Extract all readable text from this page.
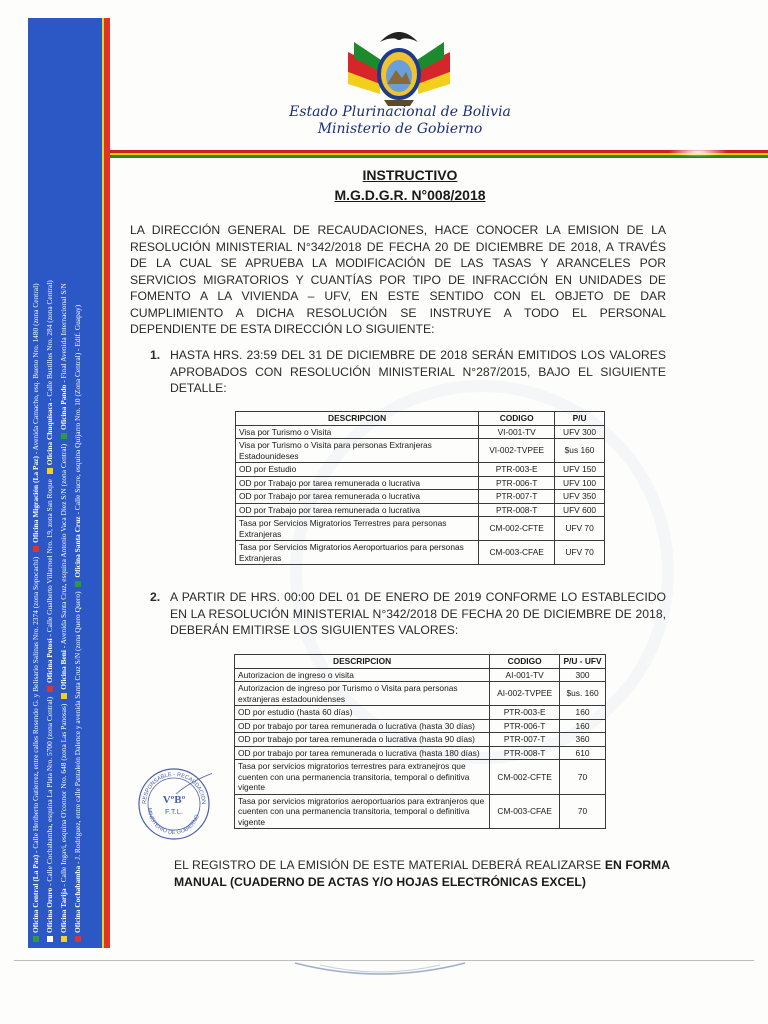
Oficina Central (La Paz) - Calle Heriberto Gutierrez, entre calles Rosendo G. y Belisario Salinas Nro. 2374 (zona Sopocachi) Oficina Migración (La Paz) - Avenida Camacho, esq. Bueno Nro. 1480 (zona Central)
Oficina Oruro - Calle Cochabamba, esquina La Plata Nro. 5700 (zona Central) Oficina Potosí - Calle Gualberto Villarroel Nro. 19, zona San Roque Oficina Chuquisaca - Calle Bustillos Nro. 284 (zona Central)
Oficina Tarija - Calle Ingavi, esquina O'connor Nro. 648 (zona Las Panosas) Oficina Beni - Avenida Santa Cruz, esquina Antonio Vaca Diez S/N (zona Central) Oficina Pando - Final Avenida Internacional S/N
Oficina Cochabamba - J. Rodriguez, entre calle Pantaleón Dalence y avenida Santa Cruz S/N (zona Quero Quero) Oficina Santa Cruz - Calle Sucre, esquina Quijarro Nro. 10 (Zona Central) - Edif. Guapay)
Estado Plurinacional de Bolivia
Ministerio de Gobierno
INSTRUCTIVO
M.G.D.G.R. N°008/2018
LA DIRECCIÓN GENERAL DE RECAUDACIONES, HACE CONOCER LA EMISION DE LA RESOLUCIÓN MINISTERIAL N°342/2018 DE FECHA 20 DE DICIEMBRE DE 2018, A TRAVÉS DE LA CUAL SE APRUEBA LA MODIFICACIÓN DE LAS TASAS Y ARANCELES POR SERVICIOS MIGRATORIOS Y CUANTÍAS POR TIPO DE INFRACCIÓN EN UNIDADES DE FOMENTO A LA VIVIENDA – UFV, EN ESTE SENTIDO CON EL OBJETO DE DAR CUMPLIMIENTO A DICHA RESOLUCIÓN SE INSTRUYE A TODO EL PERSONAL DEPENDIENTE DE ESTA DIRECCIÓN LO SIGUIENTE:
1. HASTA HRS. 23:59 DEL 31 DE DICIEMBRE DE 2018 SERÁN EMITIDOS LOS VALORES APROBADOS CON RESOLUCIÓN MINISTERIAL N°287/2015, BAJO EL SIGUIENTE DETALLE:
DESCRIPCION	CODIGO	P/U
Visa por Turismo o Visita	VI-001-TV	UFV 300
Visa por Turismo o Visita para personas Extranjeras Estadounideses	VI-002-TVPEE	$us 160
OD por Estudio	PTR-003-E	UFV 150
OD por Trabajo por tarea remunerada o lucrativa	PTR-006-T	UFV 100
OD por Trabajo por tarea remunerada o lucrativa	PTR-007-T	UFV 350
OD por Trabajo por tarea remunerada o lucrativa	PTR-008-T	UFV 600
Tasa por Servicios Migratorios Terrestres para personas Extranjeras	CM-002-CFTE	UFV 70
Tasa por Servicios Migratorios Aeroportuarios para personas Extranjeras	CM-003-CFAE	UFV 70
2. A PARTIR DE HRS. 00:00 DEL 01 DE ENERO DE 2019 CONFORME LO ESTABLECIDO EN LA RESOLUCIÓN MINISTERIAL N°342/2018 DE FECHA 20 DE DICIEMBRE DE 2018, DEBERÁN EMITIRSE LOS SIGUIENTES VALORES:
DESCRIPCION	CODIGO	P/U - UFV
Autorizacion de ingreso o visita	AI-001-TV	300
Autorizacion de ingreso por Turismo o Visita para personas extranjeras estadounidenses	AI-002-TVPEE	$us. 160
OD por estudio (hasta 60 días)	PTR-003-E	160
OD por trabajo por tarea remunerada o lucrativa (hasta 30 días)	PTR-006-T	160
OD por trabajo por tarea remunerada o lucrativa (hasta 90 días)	PTR-007-T	360
OD por trabajo por tarea remunerada o lucrativa (hasta 180 días)	PTR-008-T	610
Tasa por servicios migratorios terrestres para extranejros que cuenten con una permanencia transitoria, temporal o definitiva vigente	CM-002-CFTE	70
Tasa por servicios migratorios aeroportuarios para extranjeros que cuenten con una permanencia transitoria, temporal o definitiva vigente	CM-003-CFAE	70
RESPONSABLE - RECAUDACION
MINISTERIO DE GOBIERNO
VºBº
F.T.L.
EL REGISTRO DE LA EMISIÓN DE ESTE MATERIAL DEBERÁ REALIZARSE EN FORMA MANUAL (CUADERNO DE ACTAS Y/O HOJAS ELECTRÓNICAS EXCEL)
